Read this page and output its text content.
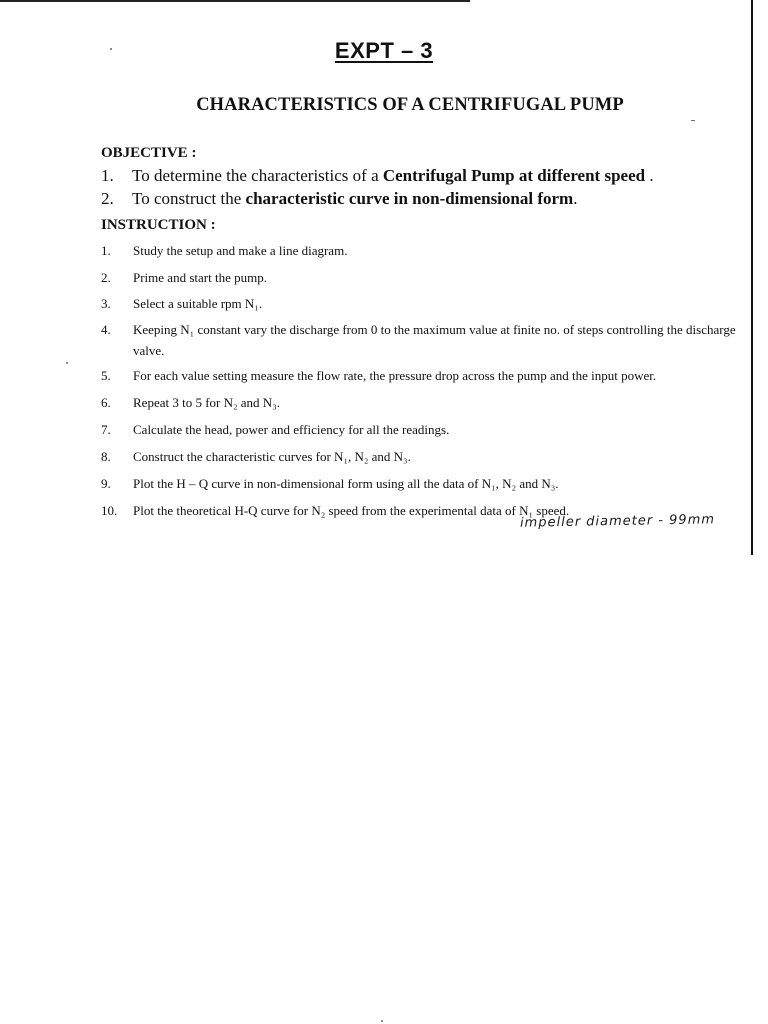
EXPT – 3
CHARACTERISTICS OF A CENTRIFUGAL PUMP
OBJECTIVE :
1. To determine the characteristics of a Centrifugal Pump at different speed .
2. To construct the characteristic curve in non-dimensional form.
INSTRUCTION :
1. Study the setup and make a line diagram.
2. Prime and start the pump.
3. Select a suitable rpm N₁.
4. Keeping N₁ constant vary the discharge from 0 to the maximum value at finite no. of steps controlling the discharge valve.
5. For each value setting measure the flow rate, the pressure drop across the pump and the input power.
6. Repeat 3 to 5 for N₂ and N₃.
7. Calculate the head, power and efficiency for all the readings.
8. Construct the characteristic curves for N₁, N₂ and N₃.
9. Plot the H – Q curve in non-dimensional form using all the data of N₁, N₂ and N₃.
10. Plot the theoretical H-Q curve for N₂ speed from the experimental data of N₁ speed.
impeller diameter - 99mm
